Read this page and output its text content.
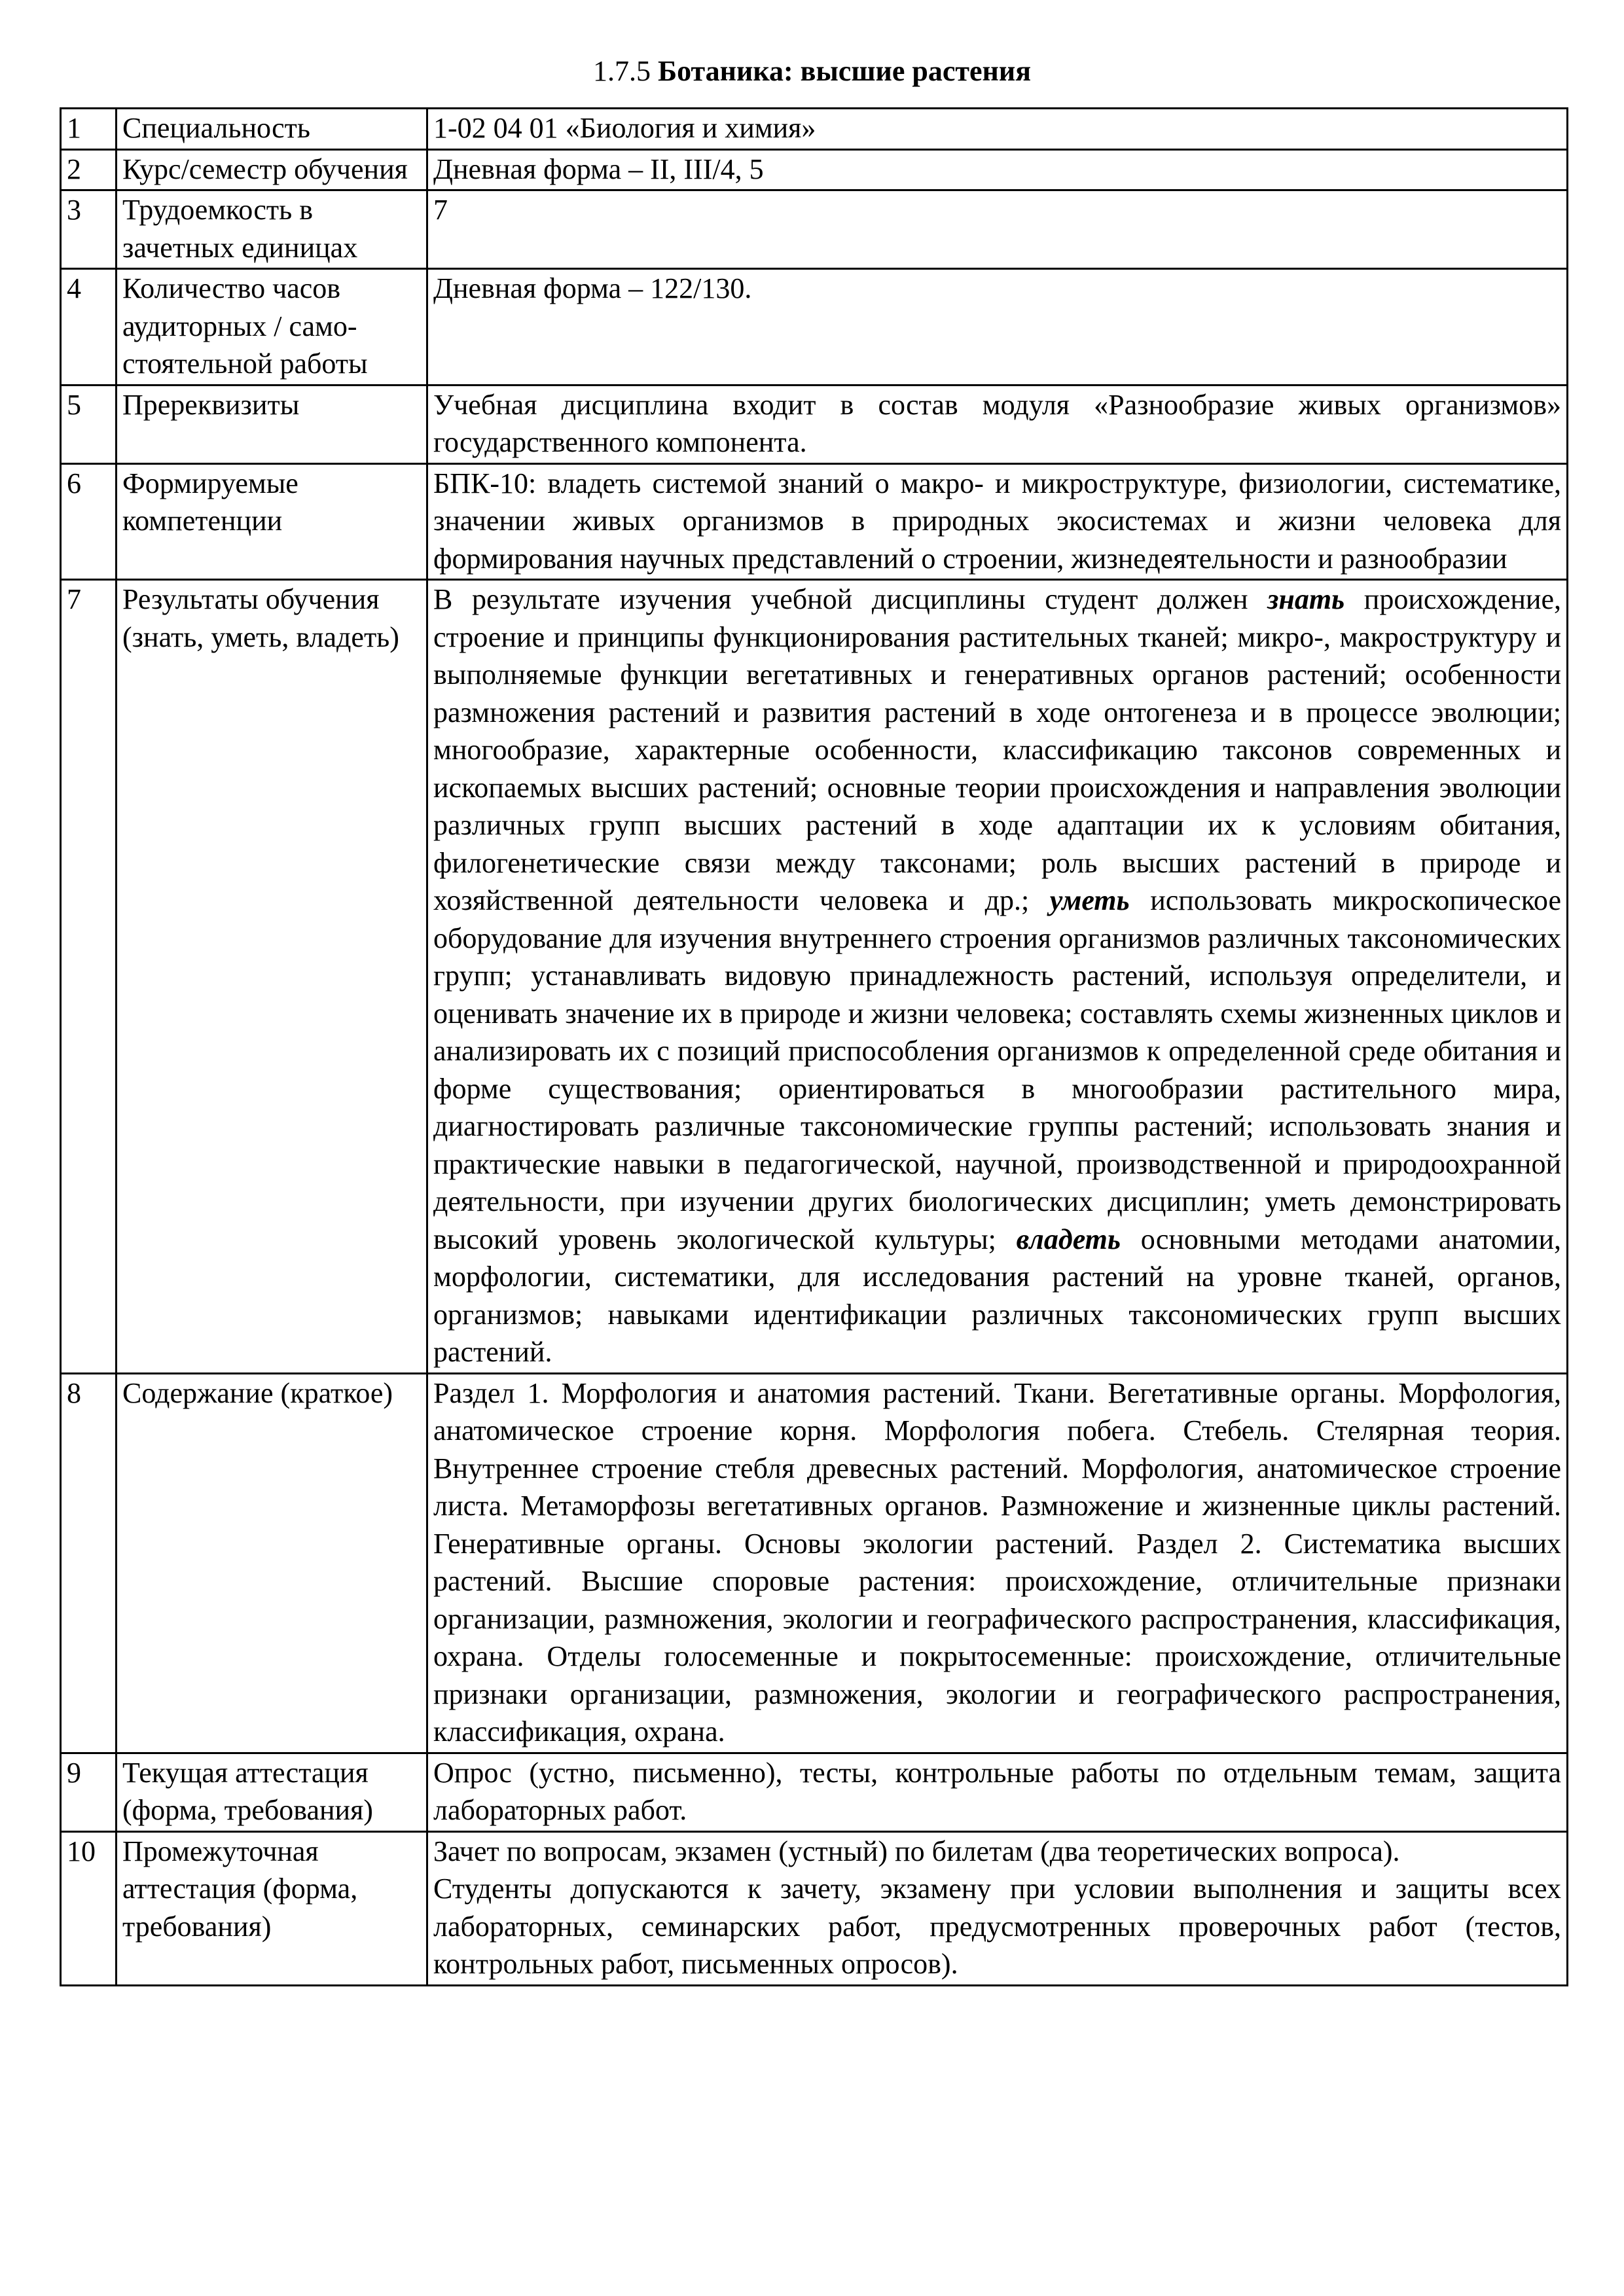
1.7.5 Ботаника: высшие растения
1	Специальность	1-02 04 01 «Биология и химия»
2	Курс/семестр обучения	Дневная форма – II, III/4, 5
3	Трудоемкость в зачетных единицах	7
4	Количество часов аудиторных / самостоятельной работы	Дневная форма – 122/130.
5	Пререквизиты	Учебная дисциплина входит в состав модуля «Разнообразие живых организмов» государственного компонента.
6	Формируемые компетенции	БПК-10: владеть системой знаний о макро- и микроструктуре, физиологии, систематике, значении живых организмов в природных экосистемах и жизни человека для формирования научных представлений о строении, жизнедеятельности и разнообразии
7	Результаты обучения (знать, уметь, владеть)	В результате изучения учебной дисциплины студент должен знать происхождение, строение и принципы функционирования растительных тканей; микро-, макроструктуру и выполняемые функции вегетативных и генеративных органов растений; особенности размножения растений и развития растений в ходе онтогенеза и в процессе эволюции; многообразие, характерные особенности, классификацию таксонов современных и ископаемых высших растений; основные теории происхождения и направления эволюции различных групп высших растений в ходе адаптации их к условиям обитания, филогенетические связи между таксонами; роль высших растений в природе и хозяйственной деятельности человека и др.; уметь использовать микроскопическое оборудование для изучения внутреннего строения организмов различных таксономических групп; устанавливать видовую принадлежность растений, используя определители, и оценивать значение их в природе и жизни человека; составлять схемы жизненных циклов и анализировать их с позиций приспособления организмов к определенной среде обитания и форме существования; ориентироваться в многообразии растительного мира, диагностировать различные таксономические группы растений; использовать знания и практические навыки в педагогической, научной, производственной и природоохранной деятельности, при изучении других биологических дисциплин; уметь демонстрировать высокий уровень экологической культуры; владеть основными методами анатомии, морфологии, систематики, для исследования растений на уровне тканей, органов, организмов; навыками идентификации различных таксономических групп высших растений.
8	Содержание (краткое)	Раздел 1. Морфология и анатомия растений. Ткани. Вегетативные органы. Морфология, анатомическое строение корня. Морфология побега. Стебель. Стелярная теория. Внутреннее строение стебля древесных растений. Морфология, анатомическое строение листа. Метаморфозы вегетативных органов. Размножение и жизненные циклы растений. Генеративные органы. Основы экологии растений. Раздел 2. Систематика высших растений. Высшие споровые растения: происхождение, отличительные признаки организации, размножения, экологии и географического распространения, классификация, охрана. Отделы голосеменные и покрытосеменные: происхождение, отличительные признаки организации, размножения, экологии и географического распространения, классификация, охрана.
9	Текущая аттестация (форма, требования)	Опрос (устно, письменно), тесты, контрольные работы по отдельным темам, защита лабораторных работ.
10	Промежуточная аттестация (форма, требования)	Зачет по вопросам, экзамен (устный) по билетам (два теоретических вопроса).

Студенты допускаются к зачету, экзамену при условии выполнения и защиты всех лабораторных, семинарских работ, предусмотренных проверочных работ (тестов, контрольных работ, письменных опросов).
